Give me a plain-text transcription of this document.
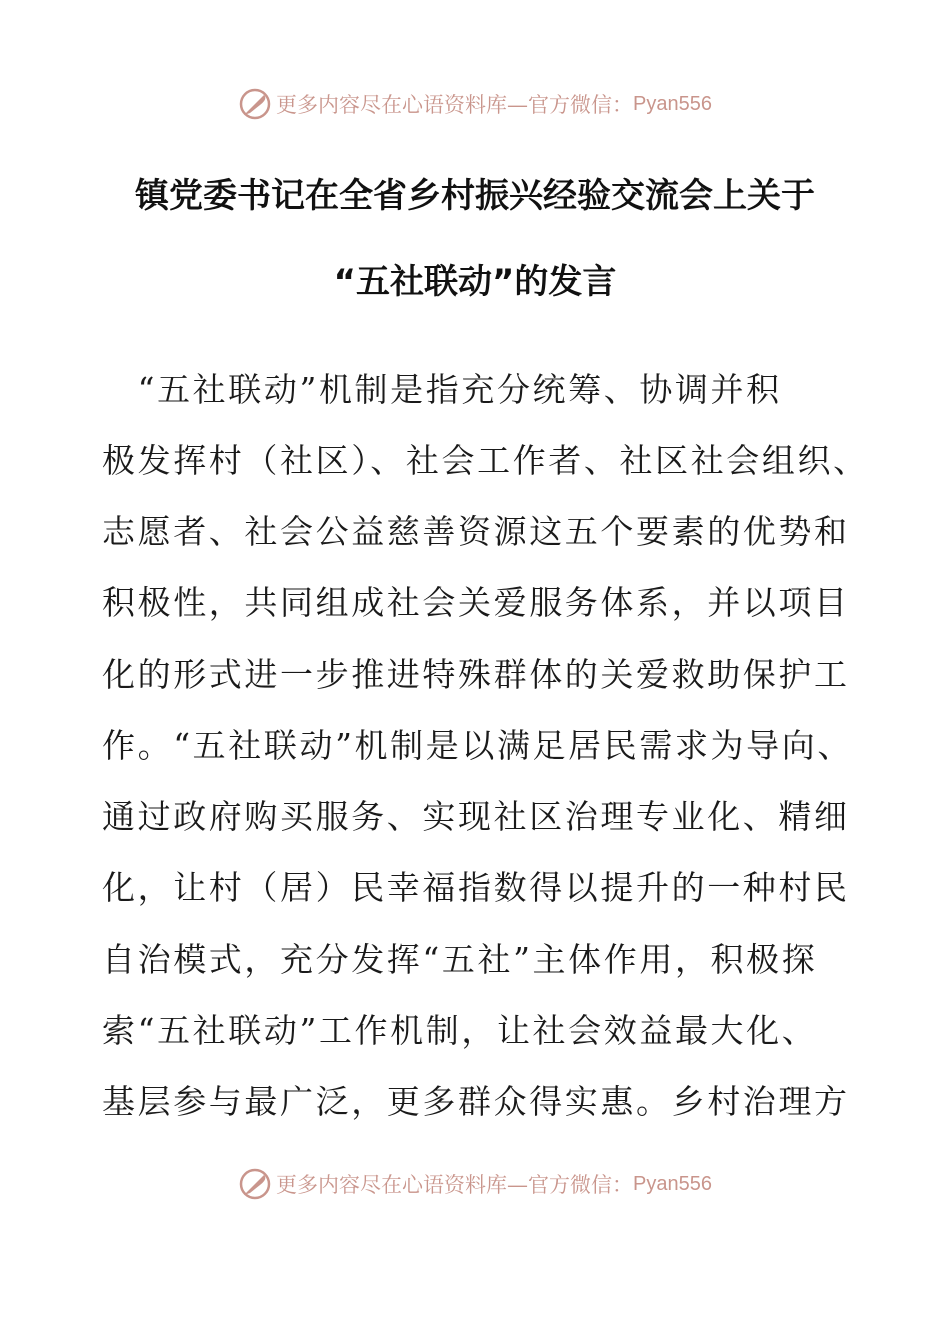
更多内容尽在心语资料库—官方微信： Pyan556
镇党委书记在全省乡村振兴经验交流会上关于
“五社联动”的发言
　“五社联动”机制是指充分统筹、协调并积
极发挥村（社区）、社会工作者、社区社会组织、
志愿者、社会公益慈善资源这五个要素的优势和
积极性，共同组成社会关爱服务体系，并以项目
化的形式进一步推进特殊群体的关爱救助保护工
作。“五社联动”机制是以满足居民需求为导向、
通过政府购买服务、实现社区治理专业化、精细
化，让村（居）民幸福指数得以提升的一种村民
自治模式，充分发挥“五社”主体作用，积极探
索“五社联动”工作机制，让社会效益最大化、
基层参与最广泛，更多群众得实惠。乡村治理方
更多内容尽在心语资料库—官方微信： Pyan556
